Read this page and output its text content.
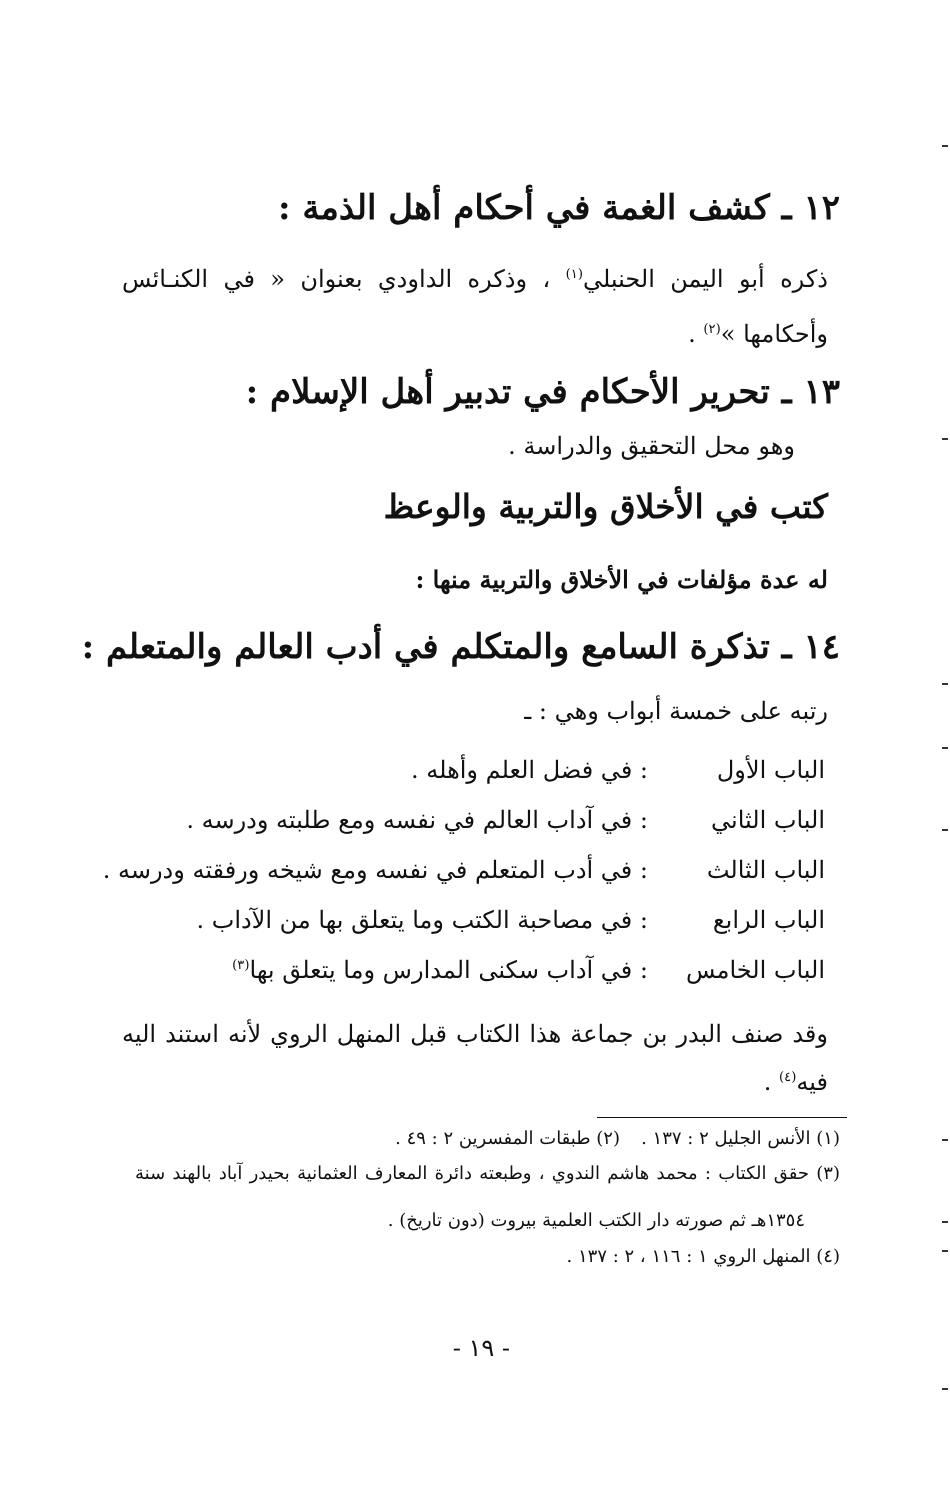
١٢ ـ كشف الغمة في أحكام أهل الذمة :
ذكره أبو اليمن الحنبلي$^{(١)}$ ، وذكره الداودي بعنوان « في الكنـائس
وأحكامها »$^{(٢)}$ .
١٣ ـ تحرير الأحكام في تدبير أهل الإسلام :
وهو محل التحقيق والدراسة .
كتب في الأخلاق والتربية والوعظ
له عدة مؤلفات في الأخلاق والتربية منها :
١٤ ـ تذكرة السامع والمتكلم في أدب العالم والمتعلم :
رتبه على خمسة أبواب وهي : ـ
الباب الأول
: في فضل العلم وأهله .
الباب الثاني
: في آداب العالم في نفسه ومع طلبته ودرسه .
الباب الثالث
: في أدب المتعلم في نفسه ومع شيخه ورفقته ودرسه .
الباب الرابع
: في مصاحبة الكتب وما يتعلق بها من الآداب .
الباب الخامس
: في آداب سكنى المدارس وما يتعلق بها$^{(٣)}$
وقد صنف البدر بن جماعة هذا الكتاب قبل المنهل الروي لأنه استند اليه
فيه$^{(٤)}$ .
(١) الأنس الجليل ٢ : ١٣٧ .
(٢) طبقات المفسرين ٢ : ٤٩ .
(٣) حقق الكتاب : محمد هاشم الندوي ، وطبعته دائرة المعارف العثمانية بحيدر آباد بالهند سنة
١٣٥٤هـ ثم صورته دار الكتب العلمية بيروت (دون تاريخ) .
(٤) المنهل الروي ١ : ١١٦ ، ٢ : ١٣٧ .
- ١٩ -
